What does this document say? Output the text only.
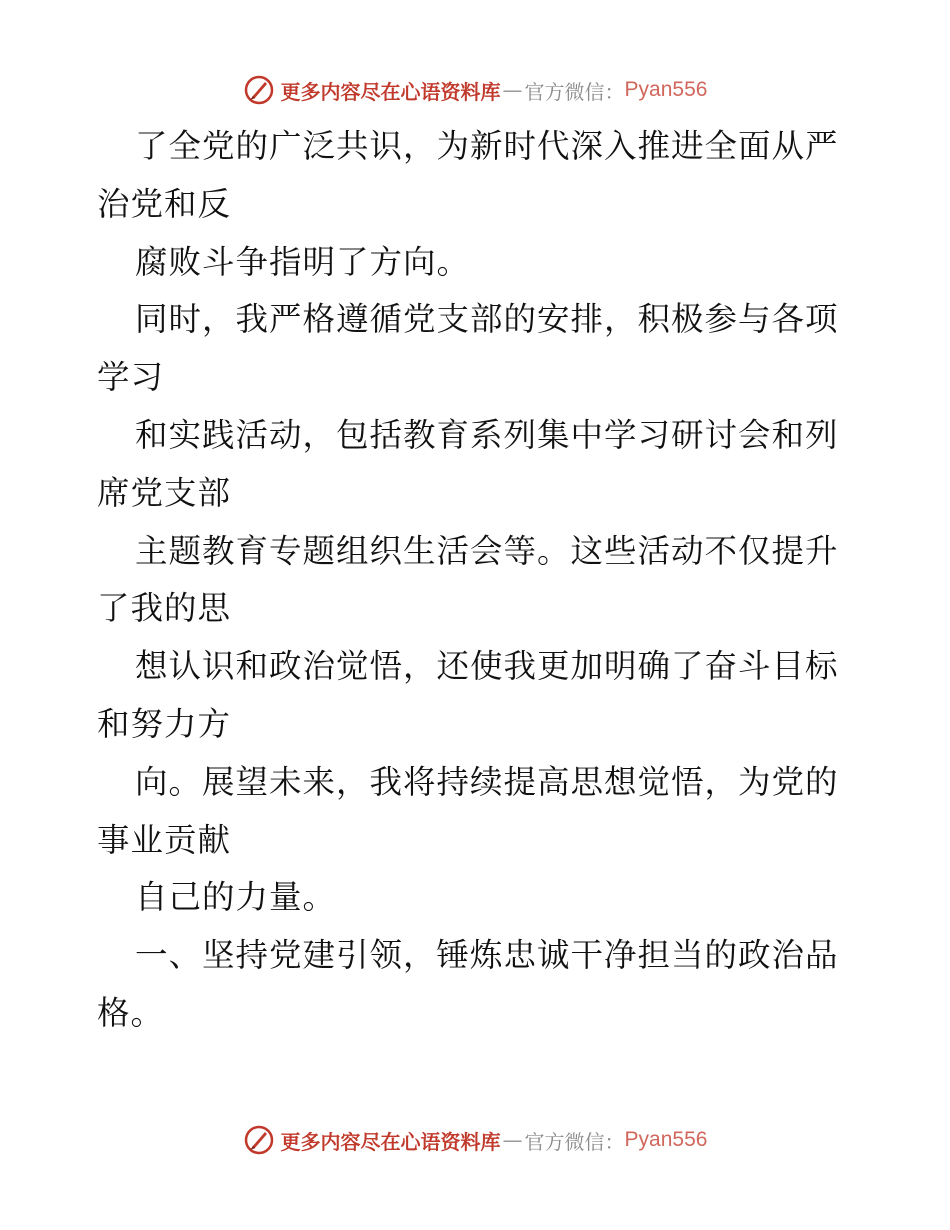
更多内容尽在心语资料库 — 官方微信： Pyan556
了全党的广泛共识，为新时代深入推进全面从严
治党和反
腐败斗争指明了方向。
同时，我严格遵循党支部的安排，积极参与各项
学习
和实践活动，包括教育系列集中学习研讨会和列
席党支部
主题教育专题组织生活会等。这些活动不仅提升
了我的思
想认识和政治觉悟，还使我更加明确了奋斗目标
和努力方
向。展望未来，我将持续提高思想觉悟，为党的
事业贡献
自己的力量。
一、坚持党建引领，锤炼忠诚干净担当的政治品
格。
更多内容尽在心语资料库 — 官方微信： Pyan556
